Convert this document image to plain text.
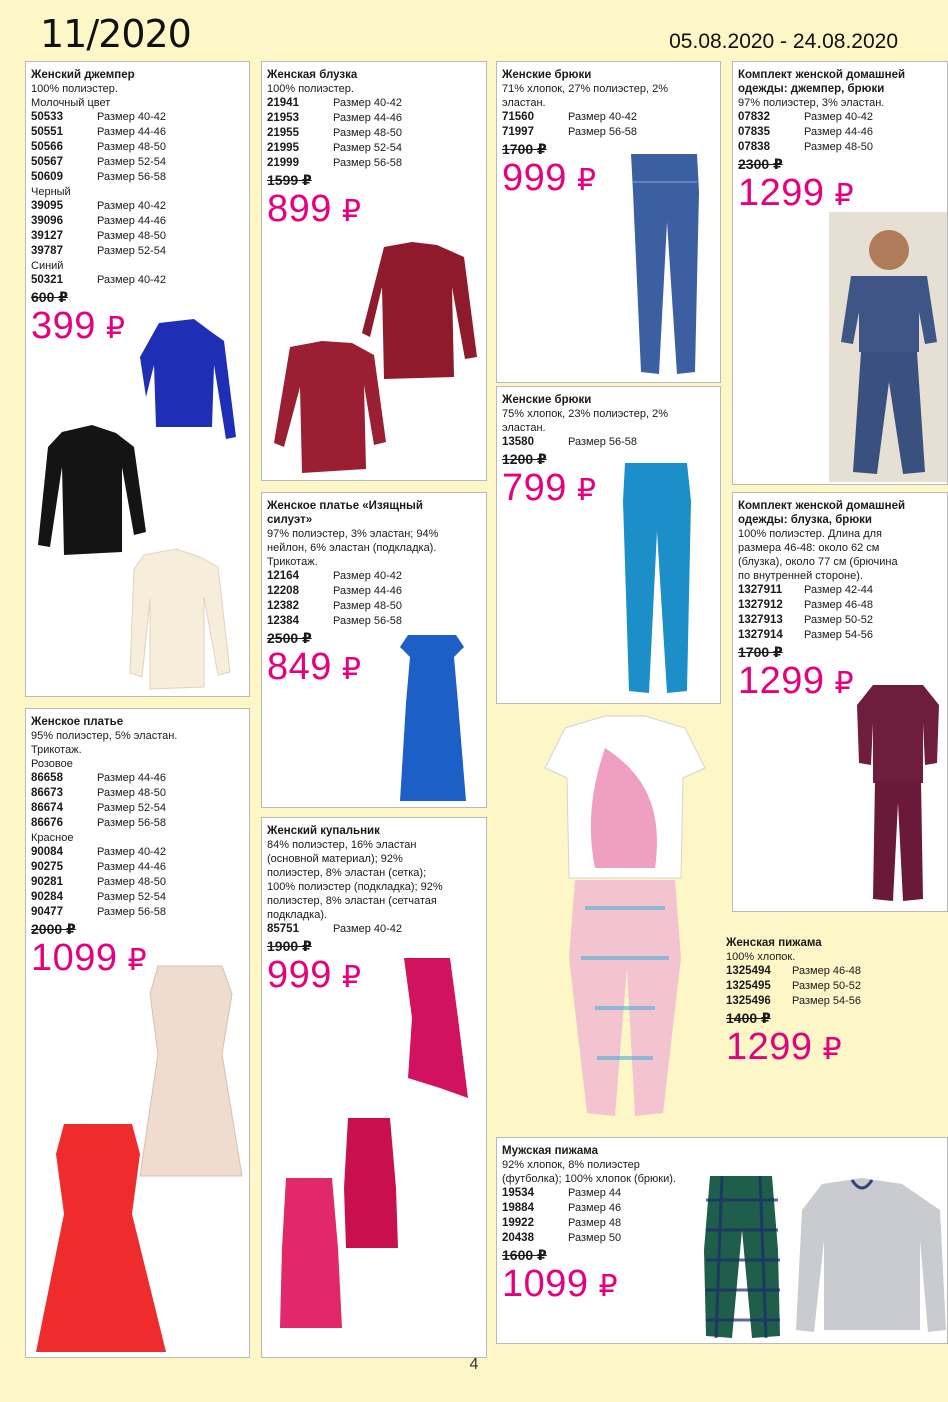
11/2020	05.08.2020 - 24.08.2020
Женский джемпер
100% полиэстер.
Молочный цвет
50533	Размер 40-42
50551	Размер 44-46
50566	Размер 48-50
50567	Размер 52-54
50609	Размер 56-58
Черный
39095	Размер 40-42
39096	Размер 44-46
39127	Размер 48-50
39787	Размер 52-54
Синий
50321	Размер 40-42
600 ₽
399 ₽
Женская блузка
100% полиэстер.
21941	Размер 40-42
21953	Размер 44-46
21955	Размер 48-50
21995	Размер 52-54
21999	Размер 56-58
1599 ₽
899 ₽
Женские брюки
71% хлопок, 27% полиэстер, 2% эластан.
71560	Размер 40-42
71997	Размер 56-58
1700 ₽
999 ₽
Комплект женской домашней одежды: джемпер, брюки
97% полиэстер, 3% эластан.
07832	Размер 40-42
07835	Размер 44-46
07838	Размер 48-50
2300 ₽
1299 ₽
Женские брюки
75% хлопок, 23% полиэстер, 2% эластан.
13580	Размер 56-58
1200 ₽
799 ₽
Женское платье «Изящный силуэт»
97% полиэстер, 3% эластан; 94% нейлон, 6% эластан (подкладка). Трикотаж.
12164	Размер 40-42
12208	Размер 44-46
12382	Размер 48-50
12384	Размер 56-58
2500 ₽
849 ₽
Комплект женской домашней одежды: блузка, брюки
100% полиэстер. Длина для размера 46-48: около 62 см (блузка), около 77 см (брючина по внутренней стороне).
1327911 Размер 42-44
1327912 Размер 46-48
1327913 Размер 50-52
1327914 Размер 54-56
1700 ₽
1299 ₽
Женское платье
95% полиэстер, 5% эластан. Трикотаж.
Розовое
86658	Размер 44-46
86673	Размер 48-50
86674	Размер 52-54
86676	Размер 56-58
Красное
90084	Размер 40-42
90275	Размер 44-46
90281	Размер 48-50
90284	Размер 52-54
90477	Размер 56-58
2000 ₽
1099 ₽
Женский купальник
84% полиэстер, 16% эластан (основной материал); 92% полиэстер, 8% эластан (сетка); 100% полиэстер (подкладка); 92% полиэстер, 8% эластан (сетчатая подкладка).
85751	Размер 40-42
1900 ₽
999 ₽
Женская пижама
100% хлопок.
1325494 Размер 46-48
1325495 Размер 50-52
1325496 Размер 54-56
1400 ₽
1299 ₽
Мужская пижама
92% хлопок, 8% полиэстер (футболка); 100% хлопок (брюки).
19534	Размер 44
19884	Размер 46
19922	Размер 48
20438	Размер 50
1600 ₽
1099 ₽
4
